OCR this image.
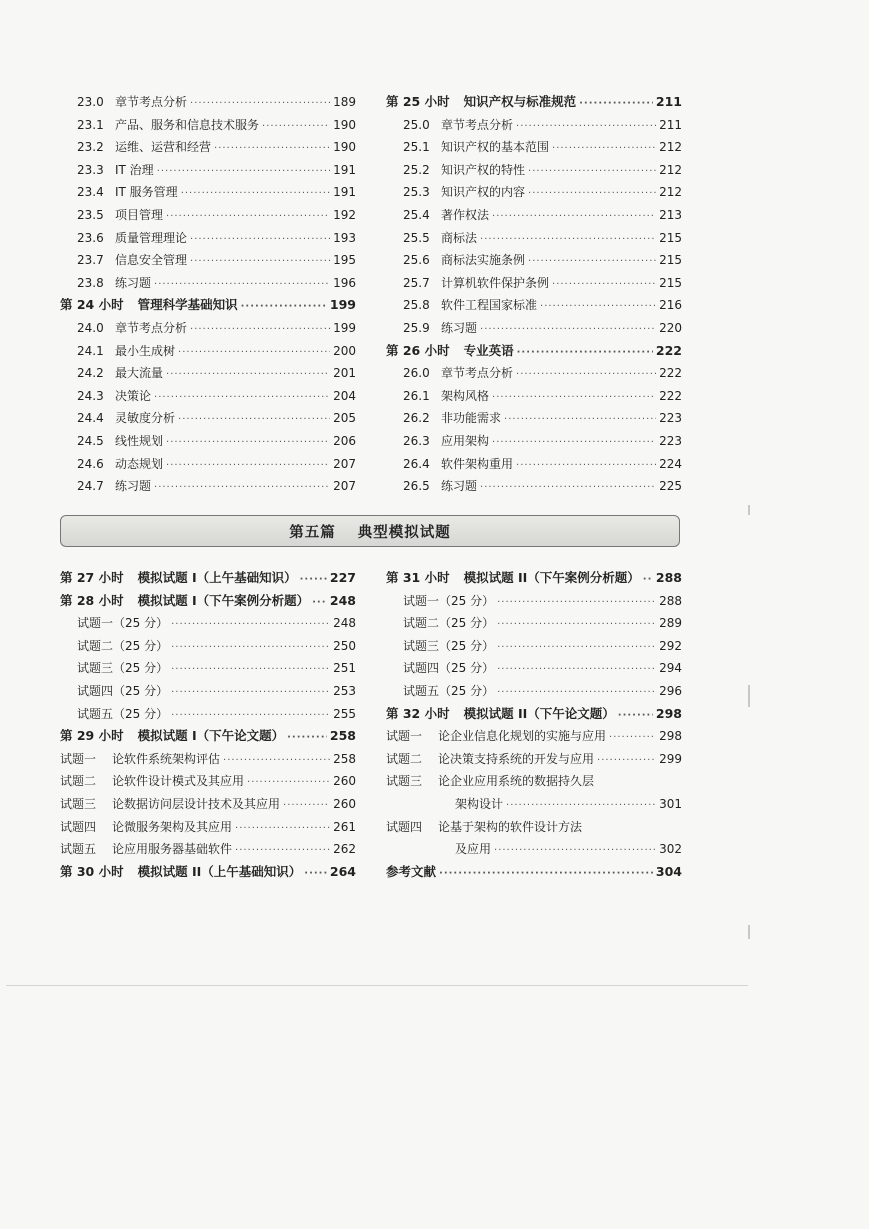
23.0 章节考点分析 ·····	189
23.1 产品、服务和信息技术服务 ·····	190
23.2 运维、运营和经营 ·····	190
23.3 IT 治理 ·····	191
23.4 IT 服务管理 ·····	191
23.5 项目管理 ·····	192
23.6 质量管理理论 ·····	193
23.7 信息安全管理 ·····	195
23.8 练习题 ·····	196
第 24 小时 管理科学基础知识 ·····	199
24.0 章节考点分析 ·····	199
24.1 最小生成树 ·····	200
24.2 最大流量 ·····	201
24.3 决策论 ·····	204
24.4 灵敏度分析 ·····	205
24.5 线性规划 ·····	206
24.6 动态规划 ·····	207
24.7 练习题 ·····	207
第 25 小时 知识产权与标准规范 ·····	211
25.0 章节考点分析 ·····	211
25.1 知识产权的基本范围 ·····	212
25.2 知识产权的特性 ·····	212
25.3 知识产权的内容 ·····	212
25.4 著作权法 ·····	213
25.5 商标法 ·····	215
25.6 商标法实施条例 ·····	215
25.7 计算机软件保护条例 ·····	215
25.8 软件工程国家标准 ·····	216
25.9 练习题 ·····	220
第 26 小时 专业英语 ·····	222
26.0 章节考点分析 ·····	222
26.1 架构风格 ·····	222
26.2 非功能需求 ·····	223
26.3 应用架构 ·····	223
26.4 软件架构重用 ·····	224
26.5 练习题 ·····	225
第五篇 典型模拟试题
第 27 小时 模拟试题 I（上午基础知识） ·····	227
第 28 小时 模拟试题 I（下午案例分析题） ····· 248
试题一（25 分） ·····	248
试题二（25 分） ·····	250
试题三（25 分） ·····	251
试题四（25 分） ·····	253
试题五（25 分） ·····	255
第 29 小时 模拟试题 I（下午论文题） ·····	258
试题一	论软件系统架构评估 ·····	258
试题二	论软件设计模式及其应用 ·····	260
试题三	论数据访问层设计技术及其应用 ·····	260
试题四	论微服务架构及其应用 ·····	261
试题五	论应用服务器基础软件 ·····	262
第 30 小时 模拟试题 II（上午基础知识） ····· 264
第 31 小时 模拟试题 II（下午案例分析题） ····· 288
试题一（25 分） ·····	288
试题二（25 分） ·····	289
试题三（25 分） ·····	292
试题四（25 分） ·····	294
试题五（25 分） ·····	296
第 32 小时 模拟试题 II（下午论文题） ·····	298
试题一	论企业信息化规划的实施与应用 ·····	298
试题二	论决策支持系统的开发与应用 ·····	299
试题三	论企业应用系统的数据持久层
架构设计 ·····	301
试题四	论基于架构的软件设计方法
及应用 ·····	302
参考文献 ·····	304
